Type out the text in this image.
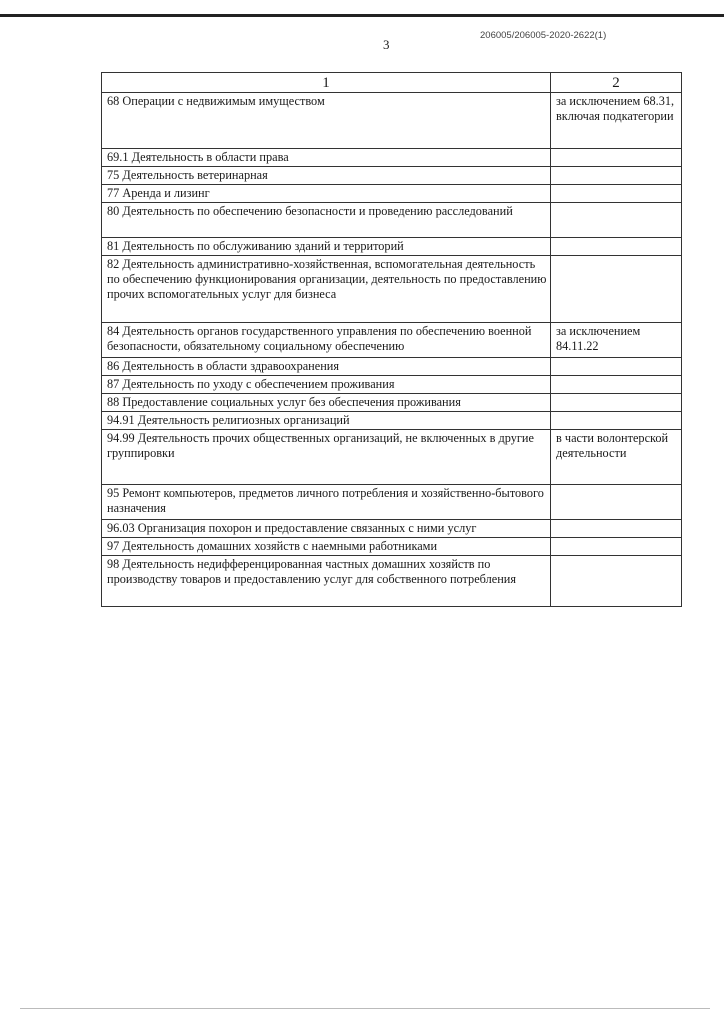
206005/206005-2020-2622(1)
3
1	2
68 Операции с недвижимым имуществом	за исключением 68.31, включая подкатегории
69.1 Деятельность в области права	
75 Деятельность ветеринарная	
77 Аренда и лизинг	
80 Деятельность по обеспечению безопасности и проведению расследований	
81 Деятельность по обслуживанию зданий и территорий	
82 Деятельность административно-хозяйственная, вспомогательная деятельность по обеспечению функционирования организации, деятельность по предоставлению прочих вспомогательных услуг для бизнеса	
84 Деятельность органов государственного управления по обеспечению военной безопасности, обязательному социальному обеспечению	за исключением 84.11.22
86 Деятельность в области здравоохранения	
87 Деятельность по уходу с обеспечением проживания	
88 Предоставление социальных услуг без обеспечения проживания	
94.91 Деятельность религиозных организаций	
94.99 Деятельность прочих общественных организаций, не включенных в другие группировки	в части волонтерской деятельности
95 Ремонт компьютеров, предметов личного потребления и хозяйственно-бытового назначения	
96.03 Организация похорон и предоставление связанных с ними услуг	
97 Деятельность домашних хозяйств с наемными работниками	
98 Деятельность недифференцированная частных домашних хозяйств по производству товаров и предоставлению услуг для собственного потребления	
